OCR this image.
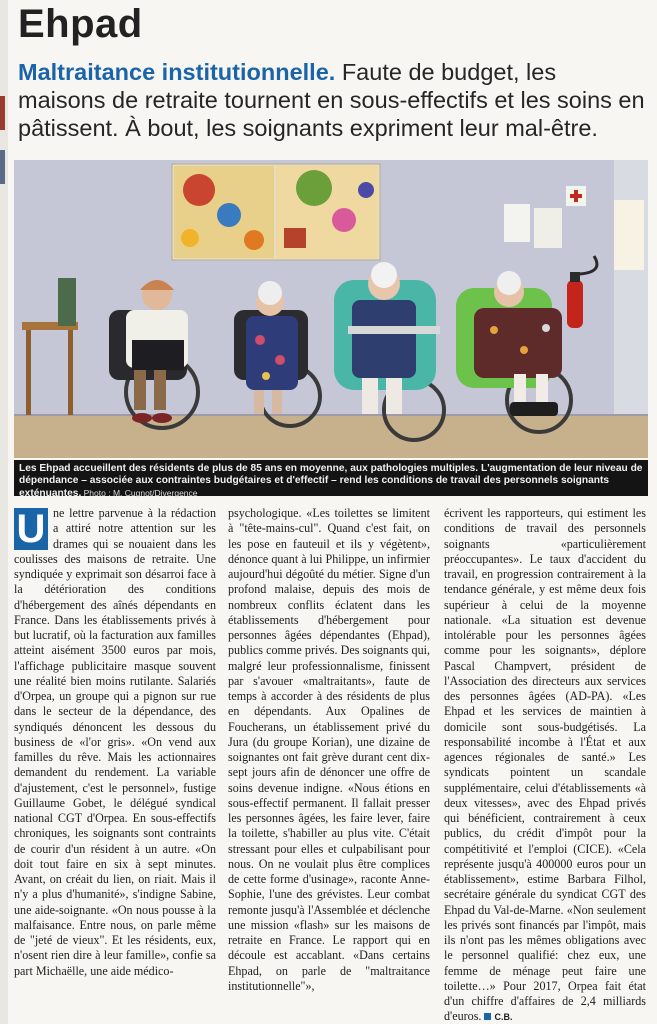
Ehpad
Maltraitance institutionnelle. Faute de budget, les maisons de retraite tournent en sous-effectifs et les soins en pâtissent. À bout, les soignants expriment leur mal-être.
Les Ehpad accueillent des résidents de plus de 85 ans en moyenne, aux pathologies multiples. L'augmentation de leur niveau de dépendance – associée aux contraintes budgétaires et d'effectif – rend les conditions de travail des personnels soignants exténuantes. Photo : M. Cugnot/Divergence
U ne lettre parvenue à la rédaction a attiré notre attention sur les drames qui se nouaient dans les coulisses des maisons de retraite. Une syndiquée y exprimait son désarroi face à la détérioration des conditions d'hébergement des aînés dépendants en France. Dans les établissements privés à but lucratif, où la facturation aux familles atteint aisément 3500 euros par mois, l'affichage publicitaire masque souvent une réalité bien moins rutilante. Salariés d'Orpea, un groupe qui a pignon sur rue dans le secteur de la dépendance, des syndiqués dénoncent les dessous du business de «l'or gris». «On vend aux familles du rêve. Mais les actionnaires demandent du rendement. La variable d'ajustement, c'est le personnel», fustige Guillaume Gobet, le délégué syndical national CGT d'Orpea. En sous-effectifs chroniques, les soignants sont contraints de courir d'un résident à un autre. «On doit tout faire en six à sept minutes. Avant, on créait du lien, on riait. Mais il n'y a plus d'humanité», s'indigne Sabine, une aide-soignante. «On nous pousse à la malfaisance. Entre nous, on parle même de "jeté de vieux". Et les résidents, eux, n'osent rien dire à leur famille», confie sa part Michaëlle, une aide médico-

psychologique. «Les toilettes se limitent à "tête-mains-cul". Quand c'est fait, on les pose en fauteuil et ils y végètent», dénonce quant à lui Philippe, un infirmier aujourd'hui dégoûté du métier. Signe d'un profond malaise, depuis des mois de nombreux conflits éclatent dans les établissements d'hébergement pour personnes âgées dépendantes (Ehpad), publics comme privés. Des soignants qui, malgré leur professionnalisme, finissent par s'avouer «maltraitants», faute de temps à accorder à des résidents de plus en dépendants. Aux Opalines de Foucherans, un établissement privé du Jura (du groupe Korian), une dizaine de soignantes ont fait grève durant cent dix-sept jours afin de dénoncer une offre de soins devenue indigne. «Nous étions en sous-effectif permanent. Il fallait presser les personnes âgées, les faire lever, faire la toilette, s'habiller au plus vite. C'était stressant pour elles et culpabilisant pour nous. On ne voulait plus être complices de cette forme d'usinage», raconte Anne-Sophie, l'une des grévistes. Leur combat remonte jusqu'à l'Assemblée et déclenche une mission «flash» sur les maisons de retraite en France. Le rapport qui en découle est accablant. «Dans certains Ehpad, on parle de "maltraitance institutionnelle"»,

écrivent les rapporteurs, qui estiment les conditions de travail des personnels soignants «particulièrement préoccupantes». Le taux d'accident du travail, en progression contrairement à la tendance générale, y est même deux fois supérieur à celui de la moyenne nationale. «La situation est devenue intolérable pour les personnes âgées comme pour les soignants», déplore Pascal Champvert, président de l'Association des directeurs aux services des personnes âgées (AD-PA). «Les Ehpad et les services de maintien à domicile sont sous-budgétisés. La responsabilité incombe à l'État et aux agences régionales de santé.» Les syndicats pointent un scandale supplémentaire, celui d'établissements «à deux vitesses», avec des Ehpad privés qui bénéficient, contrairement à ceux publics, du crédit d'impôt pour la compétitivité et l'emploi (CICE). «Cela représente jusqu'à 400000 euros pour un établissement», estime Barbara Filhol, secrétaire générale du syndicat CGT des Ehpad du Val-de-Marne. «Non seulement les privés sont financés par l'impôt, mais ils n'ont pas les mêmes obligations avec le personnel qualifié: chez eux, une femme de ménage peut faire une toilette…» Pour 2017, Orpea fait état d'un chiffre d'affaires de 2,4 milliards d'euros. C.B.
